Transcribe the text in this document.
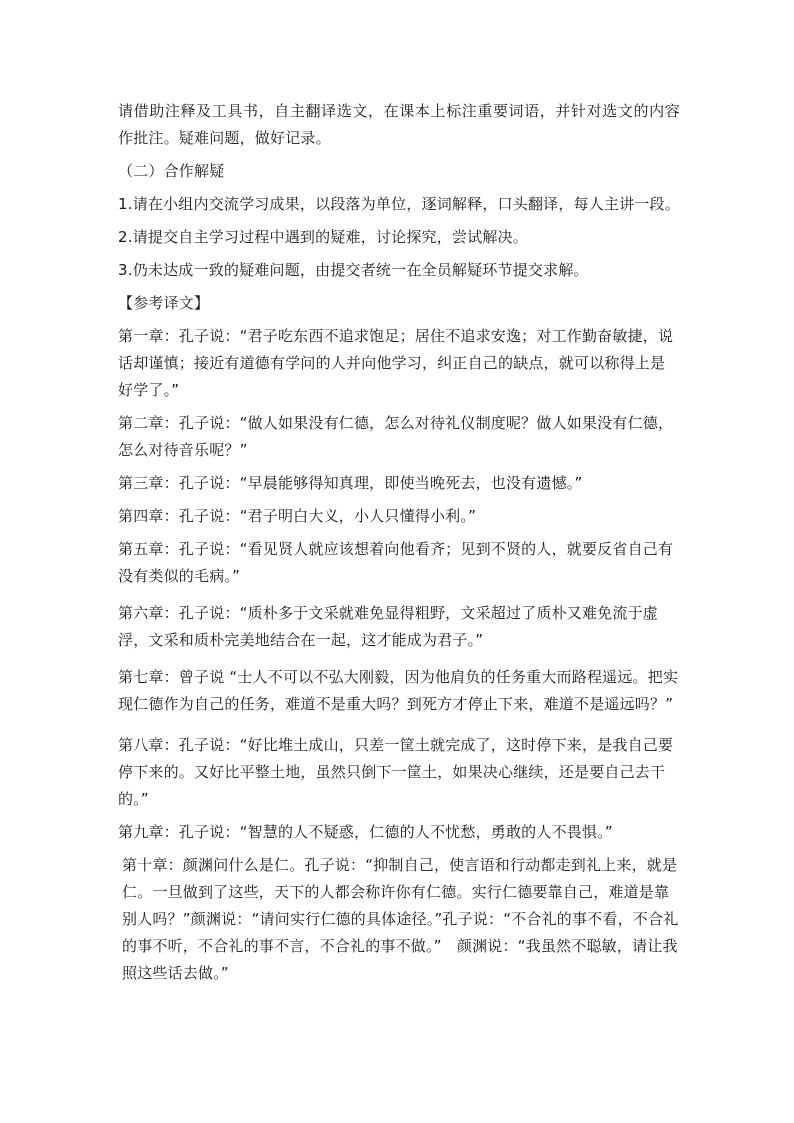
请借助注释及工具书，自主翻译选文，在课本上标注重要词语，并针对选文的内容作批注。疑难问题，做好记录。

（二）合作解疑

1.请在小组内交流学习成果，以段落为单位，逐词解释，口头翻译，每人主讲一段。

2.请提交自主学习过程中遇到的疑难，讨论探究，尝试解决。

3.仍未达成一致的疑难问题，由提交者统一在全员解疑环节提交求解。

【参考译文】

第一章：孔子说：“君子吃东西不追求饱足；居住不追求安逸；对工作勤奋敏捷，说话却谨慎；接近有道德有学问的人并向他学习，纠正自己的缺点，就可以称得上是好学了。”

第二章：孔子说：“做人如果没有仁德，怎么对待礼仪制度呢？做人如果没有仁德，怎么对待音乐呢？”

第三章：孔子说：“早晨能够得知真理，即使当晚死去，也没有遗憾。”

第四章：孔子说：“君子明白大义，小人只懂得小利。”

第五章：孔子说：“看见贤人就应该想着向他看齐；见到不贤的人，就要反省自己有没有类似的毛病。”

第六章：孔子说：“质朴多于文采就难免显得粗野，文采超过了质朴又难免流于虚浮，文采和质朴完美地结合在一起，这才能成为君子。”

第七章：曾子说 “士人不可以不弘大刚毅，因为他肩负的任务重大而路程遥远。把实现仁德作为自己的任务，难道不是重大吗？到死方才停止下来，难道不是遥远吗？”

第八章：孔子说：“好比堆土成山，只差一筐土就完成了，这时停下来，是我自己要停下来的。又好比平整土地，虽然只倒下一筐土，如果决心继续，还是要自己去干的。”

第九章：孔子说：“智慧的人不疑惑，仁德的人不忧愁，勇敢的人不畏惧。”

第十章：颜渊问什么是仁。孔子说：“抑制自己，使言语和行动都走到礼上来，就是仁。一旦做到了这些，天下的人都会称许你有仁德。实行仁德要靠自己，难道是靠别人吗？”颜渊说：“请问实行仁德的具体途径。”孔子说：“不合礼的事不看，不合礼的事不听，不合礼的事不言，不合礼的事不做。”　颜渊说：“我虽然不聪敏，请让我照这些话去做。”
